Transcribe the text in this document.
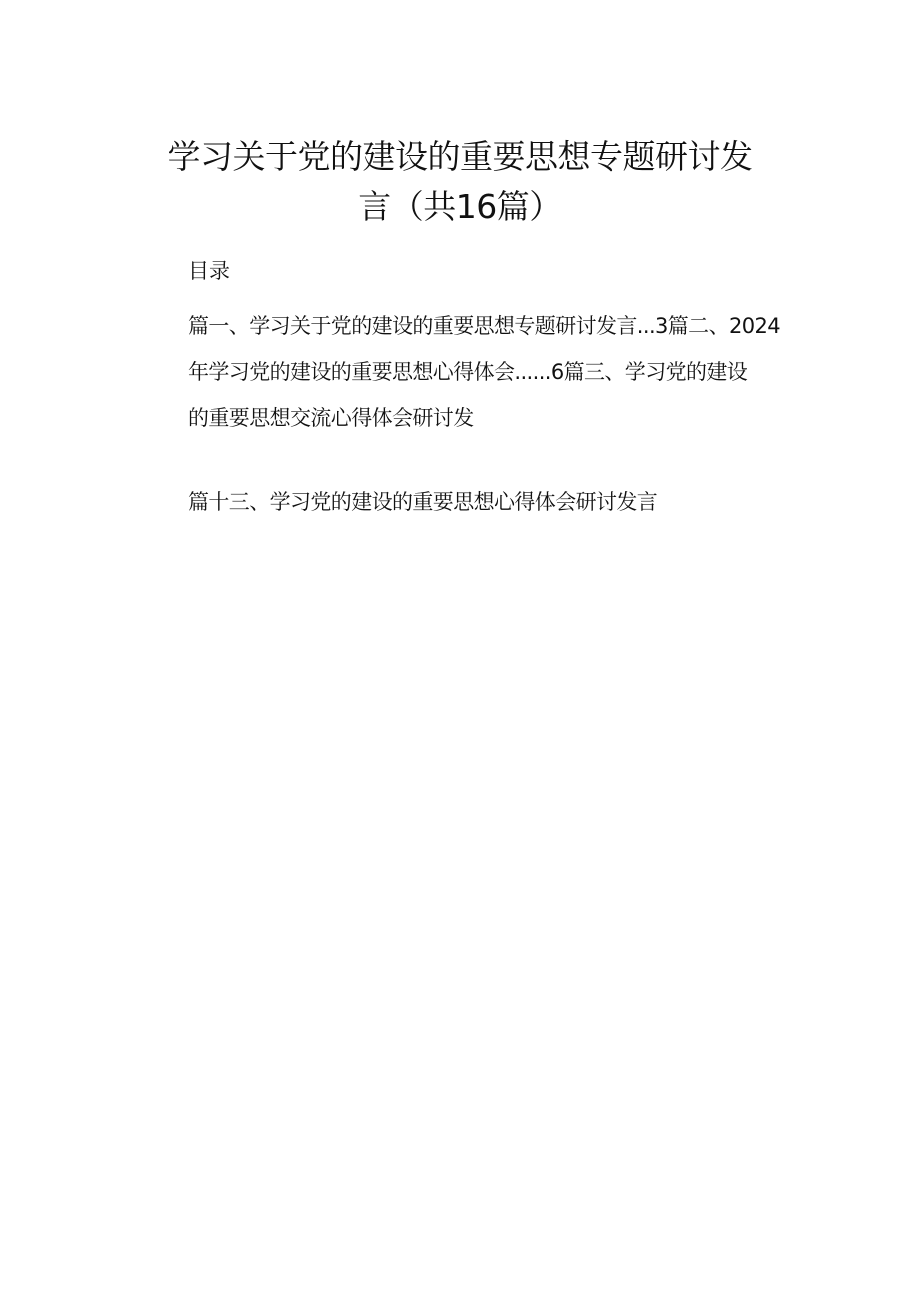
学习关于党的建设的重要思想专题研讨发
言（共16篇）
目录
篇一、学习关于党的建设的重要思想专题研讨发言...3篇二、2024
年学习党的建设的重要思想心得体会......6篇三、学习党的建设
的重要思想交流心得体会研讨发
篇十三、学习党的建设的重要思想心得体会研讨发言
